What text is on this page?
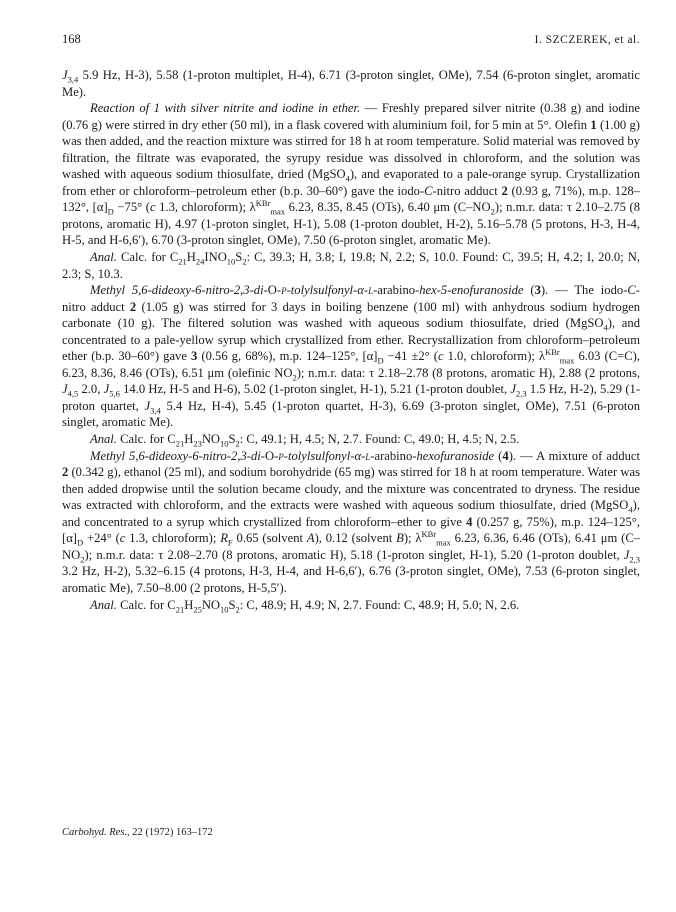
168	I. SZCZEREK, et al.

$J_{3,4}$ 5.9 Hz, H-3), 5.58 (1-proton multiplet, H-4), 6.71 (3-proton singlet, OMe), 7.54 (6-proton singlet, aromatic Me).

Reaction of 1 with silver nitrite and iodine in ether. — Freshly prepared silver nitrite (0.38 g) and iodine (0.76 g) were stirred in dry ether (50 ml), in a flask covered with aluminium foil, for 5 min at 5°. Olefin 1 (1.00 g) was then added, and the reaction mixture was stirred for 18 h at room temperature. Solid material was removed by filtration, the filtrate was evaporated, the syrupy residue was dissolved in chloroform, and the solution was washed with aqueous sodium thiosulfate, dried (MgSO$_4$), and evaporated to a pale-orange syrup. Crystallization from ether or chloroform–petroleum ether (b.p. 30–60°) gave the iodo-C-nitro adduct 2 (0.93 g, 71%), m.p. 128–132°, $[\alpha]_D -75^\circ$ (c 1.3, chloroform); $\lambda^{KBr}_{max}$ 6.23, 8.35, 8.45 (OTs), 6.40 μm $(C-NO_2)$; n.m.r. data: τ 2.10–2.75 (8 protons, aromatic H), 4.97 (1-proton singlet, H-1), 5.08 (1-proton doublet, H-2), 5.16–5.78 (5 protons, H-3, H-4, H-5, and H-6,6′), 6.70 (3-proton singlet, OMe), 7.50 (6-proton singlet, aromatic Me).

Anal. Calc. for $C_{21}H_{24}INO_{10}S_2$: C, 39.3; H, 3.8; I, 19.8; N, 2.2; S, 10.0. Found: C, 39.5; H, 4.2; I, 20.0; N, 2.3; S, 10.3.

Methyl 5,6-dideoxy-6-nitro-2,3-di-O-p-tolylsulfonyl-α-l-arabino-hex-5-enofuranoside (3). — The iodo-C-nitro adduct 2 (1.05 g) was stirred for 3 days in boiling benzene (100 ml) with anhydrous sodium hydrogen carbonate (10 g). The filtered solution was washed with aqueous sodium thiosulfate, dried (MgSO$_4$), and concentrated to a pale-yellow syrup which crystallized from ether. Recrystallization from chloroform–petroleum ether (b.p. 30–60°) gave 3 (0.56 g, 68%), m.p. 124–125°, $[\alpha]_D -41 \pm 2^\circ$ (c 1.0, chloroform); $\lambda^{KBr}_{max}$ 6.03 (C=C), 6.23, 8.36, 8.46 (OTs), 6.51 μm (olefinic $NO_2$); n.m.r. data: τ 2.18–2.78 (8 protons, aromatic H), 2.88 (2 protons, $J_{4,5}$ 2.0, $J_{5,6}$ 14.0 Hz, H-5 and H-6), 5.02 (1-proton singlet, H-1), 5.21 (1-proton doublet, $J_{2,3}$ 1.5 Hz, H-2), 5.29 (1-proton quartet, $J_{3,4}$ 5.4 Hz, H-4), 5.45 (1-proton quartet, H-3), 6.69 (3-proton singlet, OMe), 7.51 (6-proton singlet, aromatic Me).

Anal. Calc. for $C_{21}H_{23}NO_{10}S_2$: C, 49.1; H, 4.5; N, 2.7. Found: C, 49.0; H, 4.5; N, 2.5.

Methyl 5,6-dideoxy-6-nitro-2,3-di-O-p-tolylsulfonyl-α-l-arabino-hexofuranoside (4). — A mixture of adduct 2 (0.342 g), ethanol (25 ml), and sodium borohydride (65 mg) was stirred for 18 h at room temperature. Water was then added dropwise until the solution became cloudy, and the mixture was concentrated to dryness. The residue was extracted with chloroform, and the extracts were washed with aqueous sodium thiosulfate, dried (MgSO$_4$), and concentrated to a syrup which crystallized from chloroform–ether to give 4 (0.257 g, 75%), m.p. 124–125°, $[\alpha]_D +24^\circ$ (c 1.3, chloroform); $R_F$ 0.65 (solvent A), 0.12 (solvent B); $\lambda^{KBr}_{max}$ 6.23, 6.36, 6.46 (OTs), 6.41 μm $(C-NO_2)$; n.m.r. data: τ 2.08–2.70 (8 protons, aromatic H), 5.18 (1-proton singlet, H-1), 5.20 (1-proton doublet, $J_{2,3}$ 3.2 Hz, H-2), 5.32–6.15 (4 protons, H-3, H-4, and H-6,6′), 6.76 (3-proton singlet, OMe), 7.53 (6-proton singlet, aromatic Me), 7.50–8.00 (2 protons, H-5,5′).

Anal. Calc. for $C_{21}H_{25}NO_{10}S_2$: C, 48.9; H, 4.9; N, 2.7. Found: C, 48.9; H, 5.0; N, 2.6.

Carbohyd. Res., 22 (1972) 163–172
